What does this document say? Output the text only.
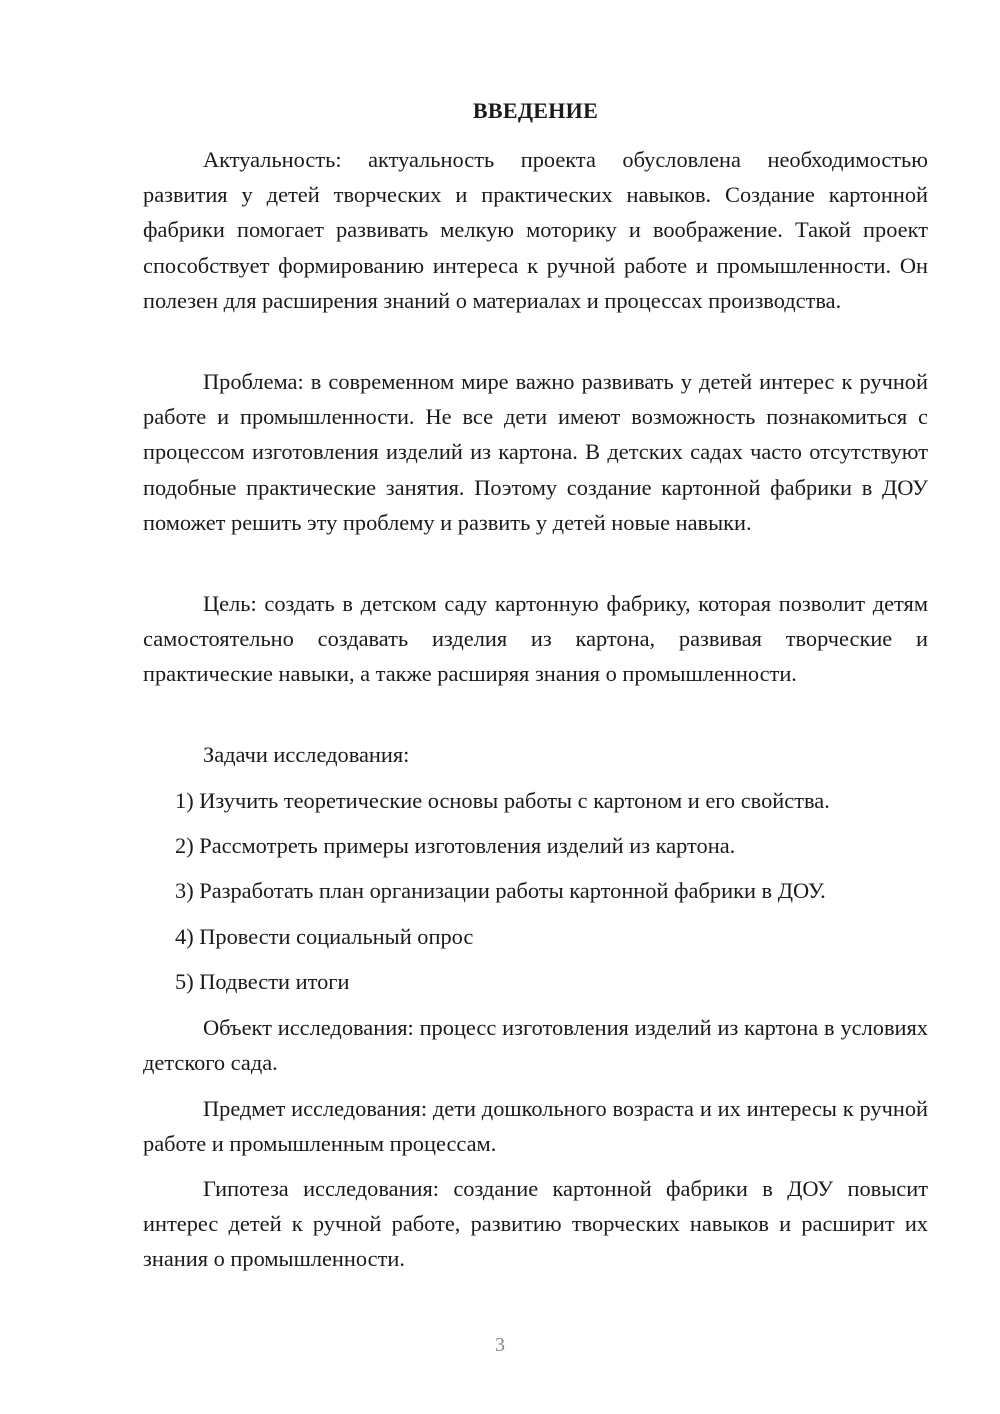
ВВЕДЕНИЕ

Актуальность: актуальность проекта обусловлена необходимостью развития у детей творческих и практических навыков. Создание картонной фабрики помогает развивать мелкую моторику и воображение. Такой проект способствует формированию интереса к ручной работе и промышленности. Он полезен для расширения знаний о материалах и процессах производства.

Проблема: в современном мире важно развивать у детей интерес к ручной работе и промышленности. Не все дети имеют возможность познакомиться с процессом изготовления изделий из картона. В детских садах часто отсутствуют подобные практические занятия. Поэтому создание картонной фабрики в ДОУ поможет решить эту проблему и развить у детей новые навыки.

Цель: создать в детском саду картонную фабрику, которая позволит детям самостоятельно создавать изделия из картона, развивая творческие и практические навыки, а также расширяя знания о промышленности.

Задачи исследования:
1) Изучить теоретические основы работы с картоном и его свойства.
2) Рассмотреть примеры изготовления изделий из картона.
3) Разработать план организации работы картонной фабрики в ДОУ.
4) Провести социальный опрос
5) Подвести итоги

Объект исследования: процесс изготовления изделий из картона в условиях детского сада.

Предмет исследования: дети дошкольного возраста и их интересы к ручной работе и промышленным процессам.

Гипотеза исследования: создание картонной фабрики в ДОУ повысит интерес детей к ручной работе, развитию творческих навыков и расширит их знания о промышленности.

3
